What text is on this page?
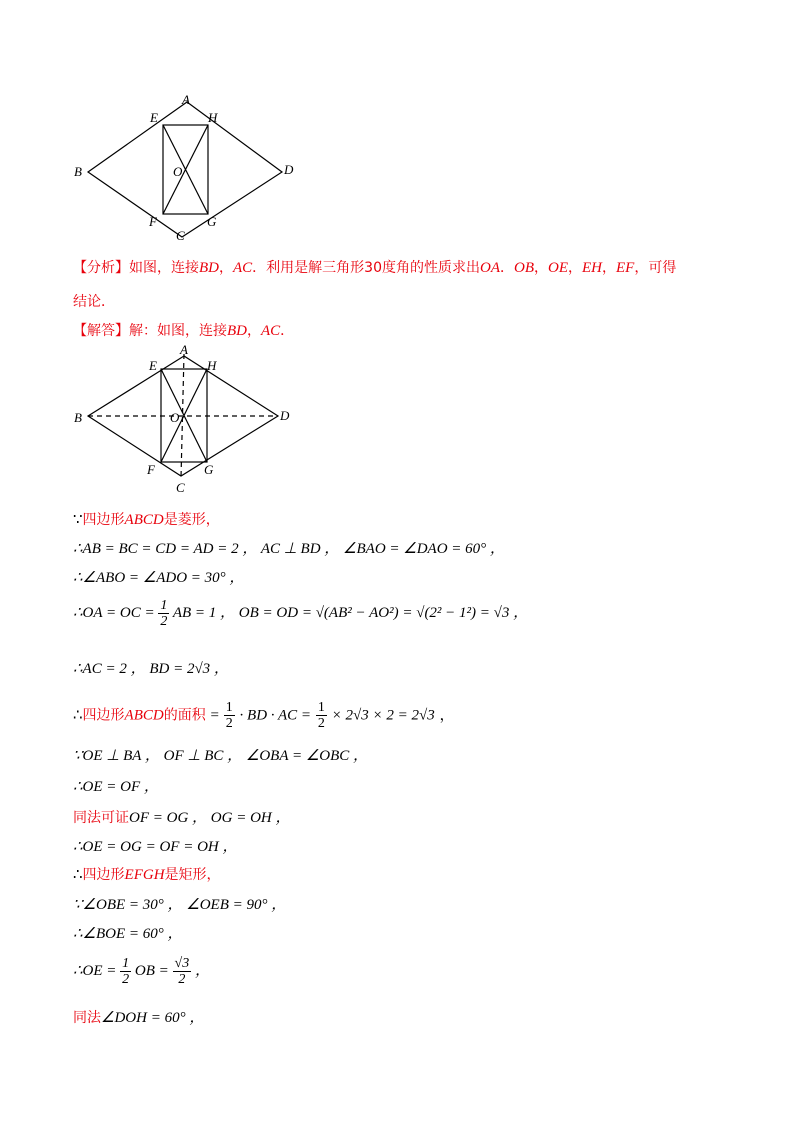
A
B
C
D
E
F	G
H
O
【分析】如图，连接BD，AC．利用是解三角形30度角的性质求出OA．OB，OE，EH，EF，可得
结论．
【解答】解：如图，连接BD，AC．
A
B
C
D
E
F	G
H
O
∵四边形ABCD是菱形，
∴AB = BC = CD = AD = 2 ， AC ⊥ BD ， ∠BAO = ∠DAO = 60° ，
∴∠ABO = ∠ADO = 30° ，
∴OA = OC = $\frac{1}{2}$ AB = 1 ， OB = OD = √(AB² − AO²) = √(2² − 1²) = √3 ，
∴AC = 2 ， BD = 2√3 ，
∴四边形ABCD的面积 = $\frac{1}{2}$ · BD · AC = $\frac{1}{2} \times 2√3 \times 2 = 2√3$ ，
∵OE ⊥ BA ， OF ⊥ BC ， ∠OBA = ∠OBC ，
∴OE = OF ，
同法可证OF = OG ， OG = OH ，
∴OE = OG = OF = OH ，
∴四边形EFGH是矩形，
∵∠OBE = 30° ， ∠OEB = 90° ，
∴∠BOE = 60° ，
∴OE = $\frac{1}{2}$ OB = $\frac{√3}{2}$ ，
同法∠DOH = 60° ，
